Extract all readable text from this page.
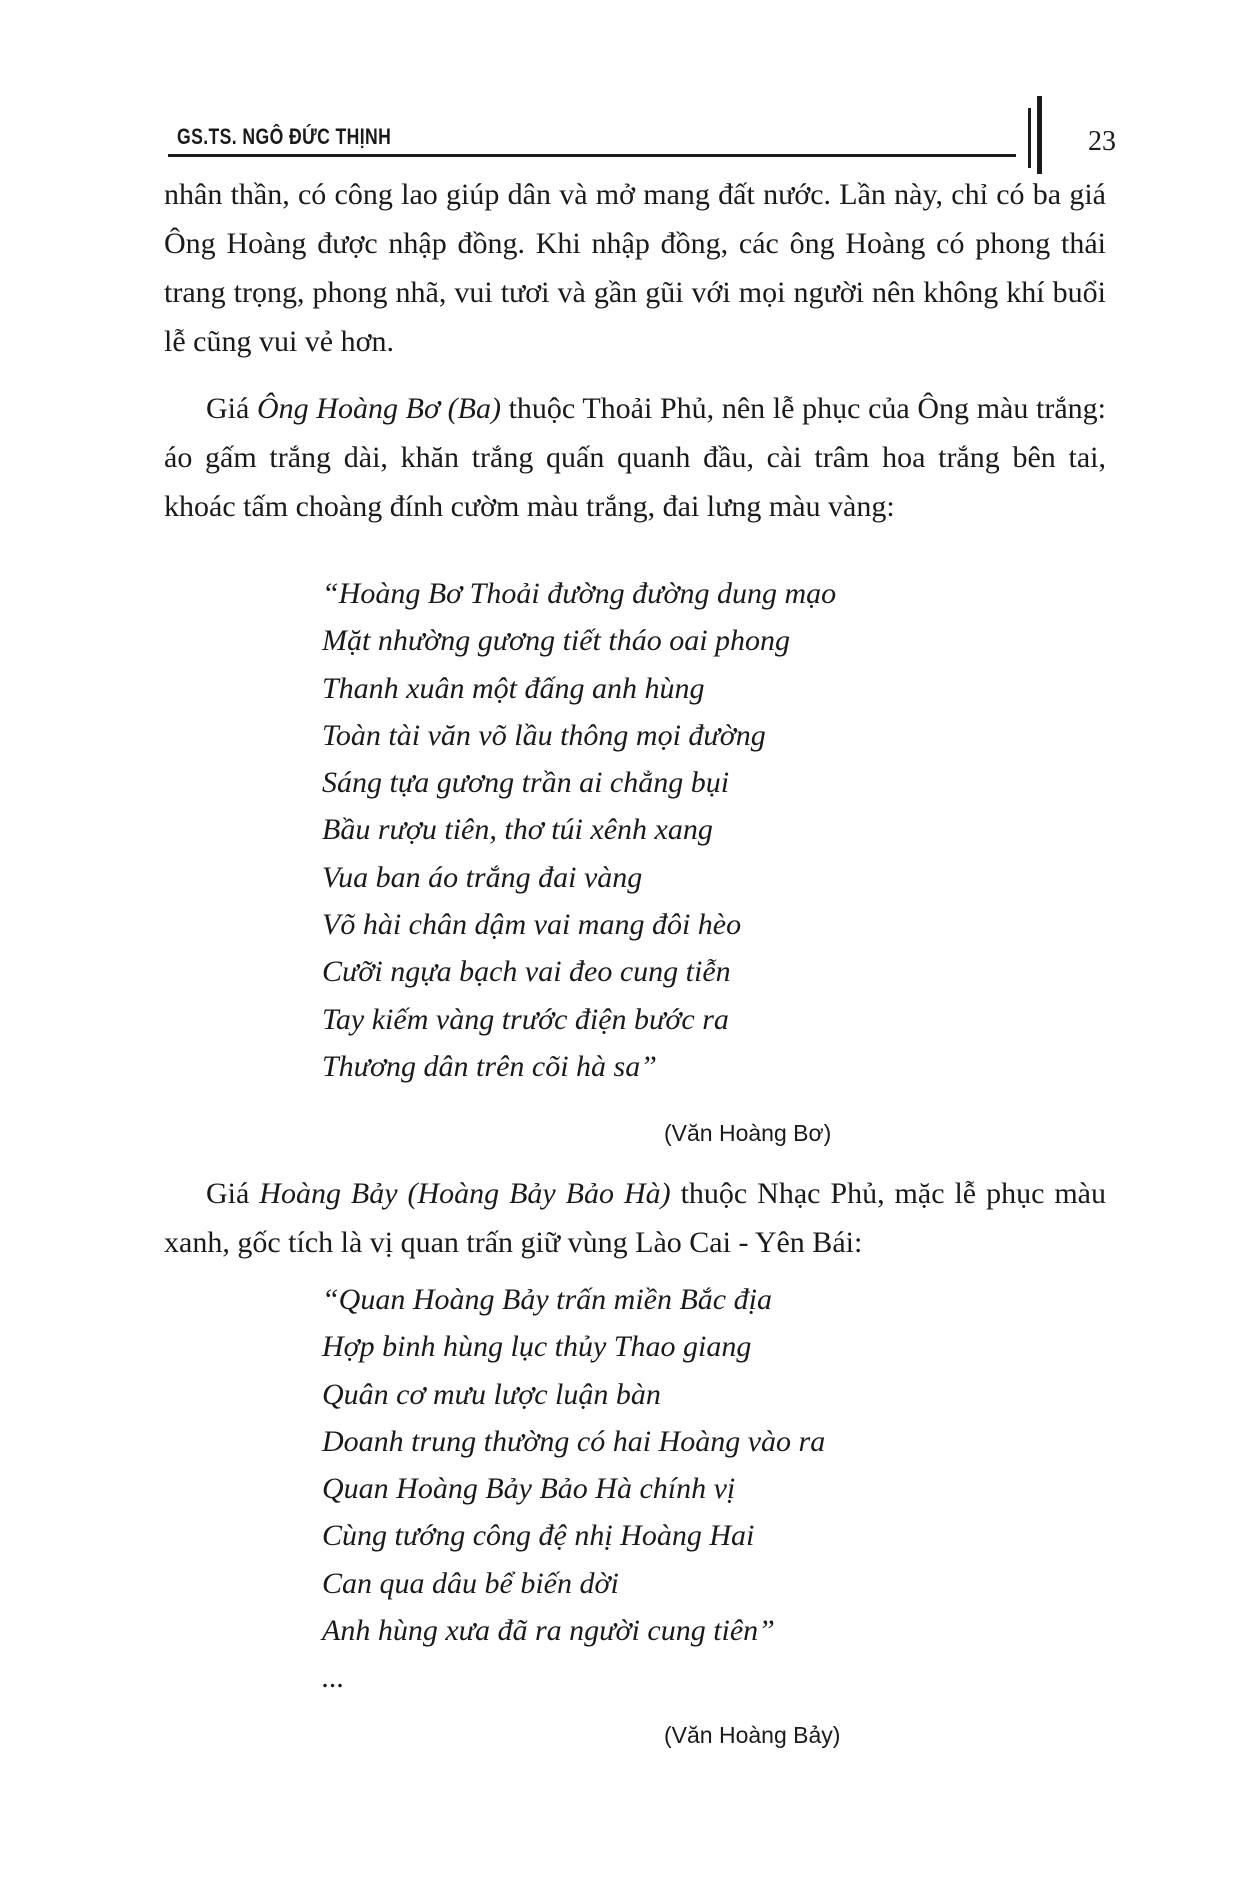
GS.TS. NGÔ ĐỨC THỊNH	23

nhân thần, có công lao giúp dân và mở mang đất nước. Lần này, chỉ có ba giá Ông Hoàng được nhập đồng. Khi nhập đồng, các ông Hoàng có phong thái trang trọng, phong nhã, vui tươi và gần gũi với mọi người nên không khí buổi lễ cũng vui vẻ hơn.

Giá Ông Hoàng Bơ (Ba) thuộc Thoải Phủ, nên lễ phục của Ông màu trắng: áo gấm trắng dài, khăn trắng quấn quanh đầu, cài trâm hoa trắng bên tai, khoác tấm choàng đính cườm màu trắng, đai lưng màu vàng:

“Hoàng Bơ Thoải đường đường dung mạo
Mặt nhường gương tiết tháo oai phong
Thanh xuân một đấng anh hùng
Toàn tài văn võ lầu thông mọi đường
Sáng tựa gương trần ai chẳng bụi
Bầu rượu tiên, thơ túi xênh xang
Vua ban áo trắng đai vàng
Võ hài chân dậm vai mang đôi hèo
Cưỡi ngựa bạch vai đeo cung tiễn
Tay kiếm vàng trước điện bước ra
Thương dân trên cõi hà sa”
(Văn Hoàng Bơ)

Giá Hoàng Bảy (Hoàng Bảy Bảo Hà) thuộc Nhạc Phủ, mặc lễ phục màu xanh, gốc tích là vị quan trấn giữ vùng Lào Cai - Yên Bái:

“Quan Hoàng Bảy trấn miền Bắc địa
Hợp binh hùng lục thủy Thao giang
Quân cơ mưu lược luận bàn
Doanh trung thường có hai Hoàng vào ra
Quan Hoàng Bảy Bảo Hà chính vị
Cùng tướng công đệ nhị Hoàng Hai
Can qua dâu bể biến dời
Anh hùng xưa đã ra người cung tiên”
...
(Văn Hoàng Bảy)
